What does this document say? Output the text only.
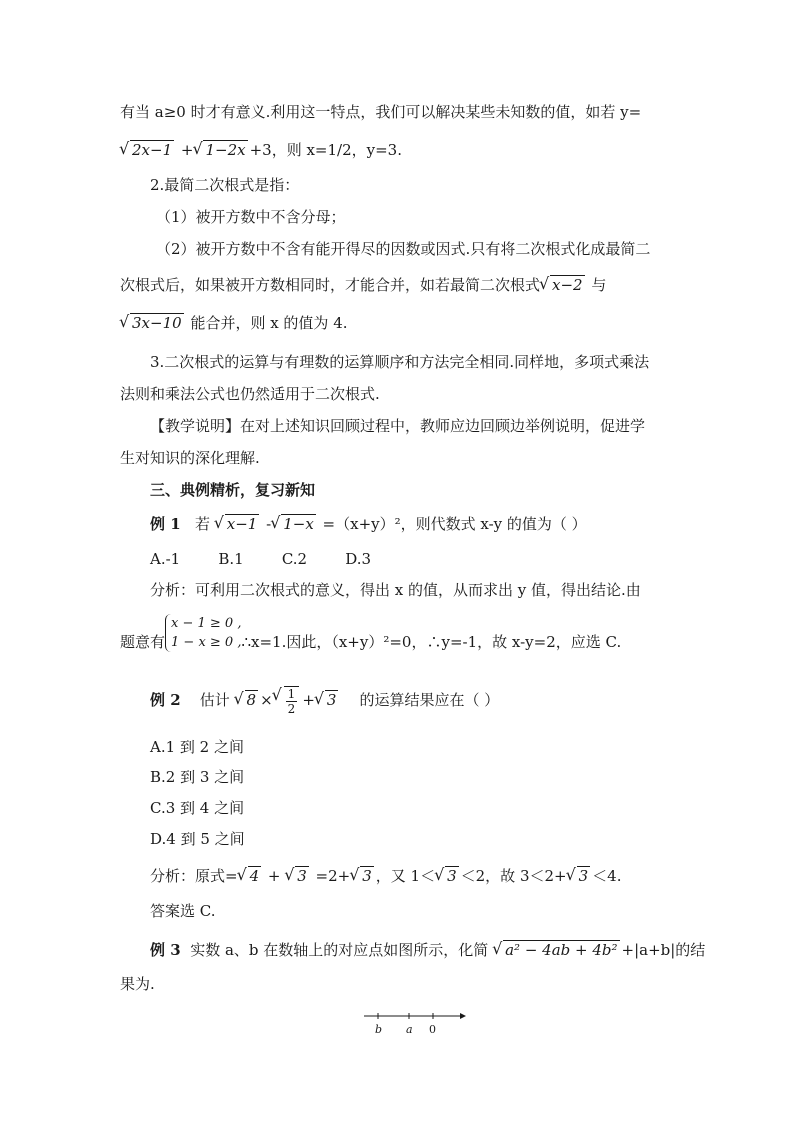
有当 a≥0 时才有意义.利用这一特点，我们可以解决某些未知数的值，如若 y=
√ 2x−1 + √ 1−2x +3，则 x=1/2，y=3.
2.最简二次根式是指：
（1）被开方数中不含分母；
（2）被开方数中不含有能开得尽的因数或因式.只有将二次根式化成最简二
次根式后，如果被开方数相同时，才能合并，如若最简二次根式 √ x−2 与
√ 3x−10 能合并，则 x 的值为 4.
3.二次根式的运算与有理数的运算顺序和方法完全相同.同样地，多项式乘法
法则和乘法公式也仍然适用于二次根式.
【教学说明】在对上述知识回顾过程中，教师应边回顾边举例说明，促进学
生对知识的深化理解.
三、典例精析，复习新知
例 1 若 √ x−1 - √ 1−x =（x+y）²，则代数式 x-y 的值为（ ）
A.-1        B.1        C.2        D.3
分析：可利用二次根式的意义，得出 x 的值，从而求出 y 值，得出结论.由
题意有
x − 1 ≥ 0 ,
1 − x ≥ 0 , ∴x=1.因此，（x+y）²=0，∴y=-1，故 x-y=2，应选 C.
例 2 估计 √ 8 × √ $\frac{1}{2}$ + √ 3 的运算结果应在（ ）
A.1 到 2 之间
B.2 到 3 之间
C.3 到 4 之间
D.4 到 5 之间
分析：原式= √ 4 + √ 3 =2+ √ 3 ，又 1＜ √ 3 ＜2，故 3＜2+ √ 3 ＜4.
答案选 C.
例 3 实数 a、b 在数轴上的对应点如图所示，化简 √ a² − 4ab + 4b² +|a+b|的结
果为.
b a 0
